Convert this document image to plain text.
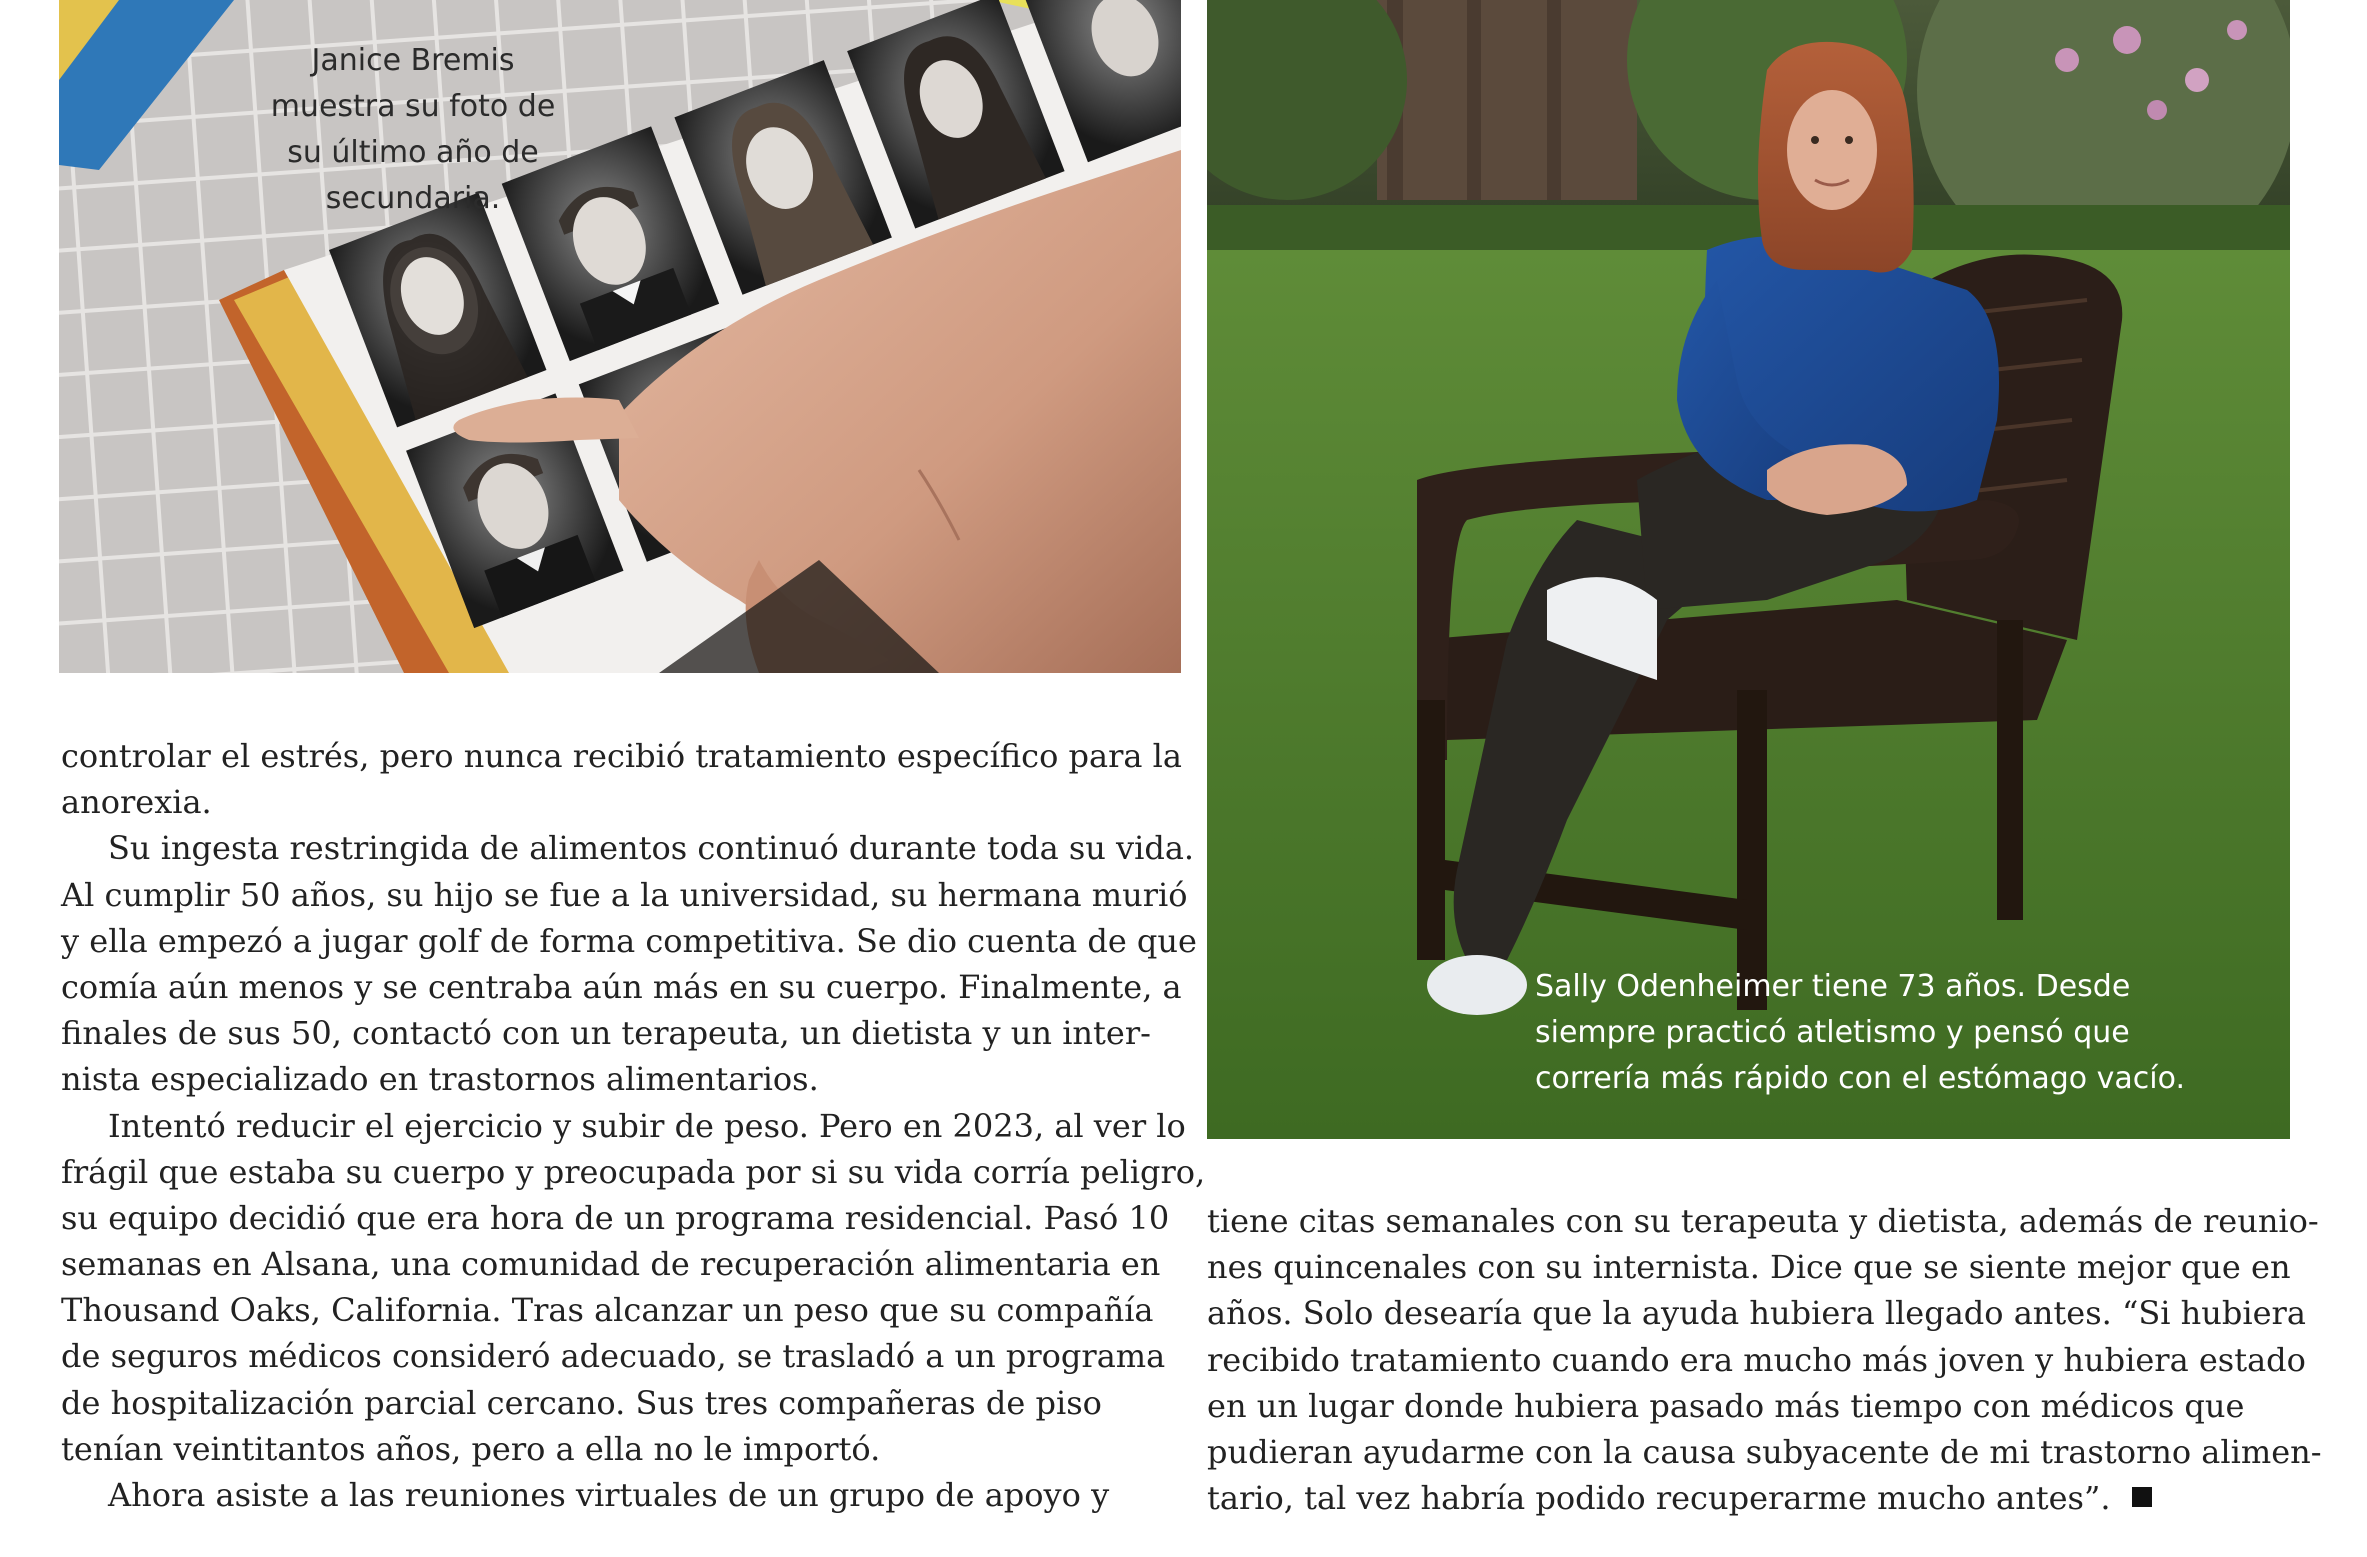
Janice Bremis
muestra su foto de
su último año de
secundaria.
Sally Odenheimer tiene 73 años. Desde
siempre practicó atletismo y pensó que
correría más rápido con el estómago vacío.
controlar el estrés, pero nunca recibió tratamiento específico para la
anorexia.
Su ingesta restringida de alimentos continuó durante toda su vida.
Al cumplir 50 años, su hijo se fue a la universidad, su hermana murió
y ella empezó a jugar golf de forma competitiva. Se dio cuenta de que
comía aún menos y se centraba aún más en su cuerpo. Finalmente, a
finales de sus 50, contactó con un terapeuta, un dietista y un inter-
nista especializado en trastornos alimentarios.
Intentó reducir el ejercicio y subir de peso. Pero en 2023, al ver lo
frágil que estaba su cuerpo y preocupada por si su vida corría peligro,
su equipo decidió que era hora de un programa residencial. Pasó 10
semanas en Alsana, una comunidad de recuperación alimentaria en
Thousand Oaks, California. Tras alcanzar un peso que su compañía
de seguros médicos consideró adecuado, se trasladó a un programa
de hospitalización parcial cercano. Sus tres compañeras de piso
tenían veintitantos años, pero a ella no le importó.
Ahora asiste a las reuniones virtuales de un grupo de apoyo y
tiene citas semanales con su terapeuta y dietista, además de reunio-
nes quincenales con su internista. Dice que se siente mejor que en
años. Solo desearía que la ayuda hubiera llegado antes. “Si hubiera
recibido tratamiento cuando era mucho más joven y hubiera estado
en un lugar donde hubiera pasado más tiempo con médicos que
pudieran ayudarme con la causa subyacente de mi trastorno alimen-
tario, tal vez habría podido recuperarme mucho antes”.
